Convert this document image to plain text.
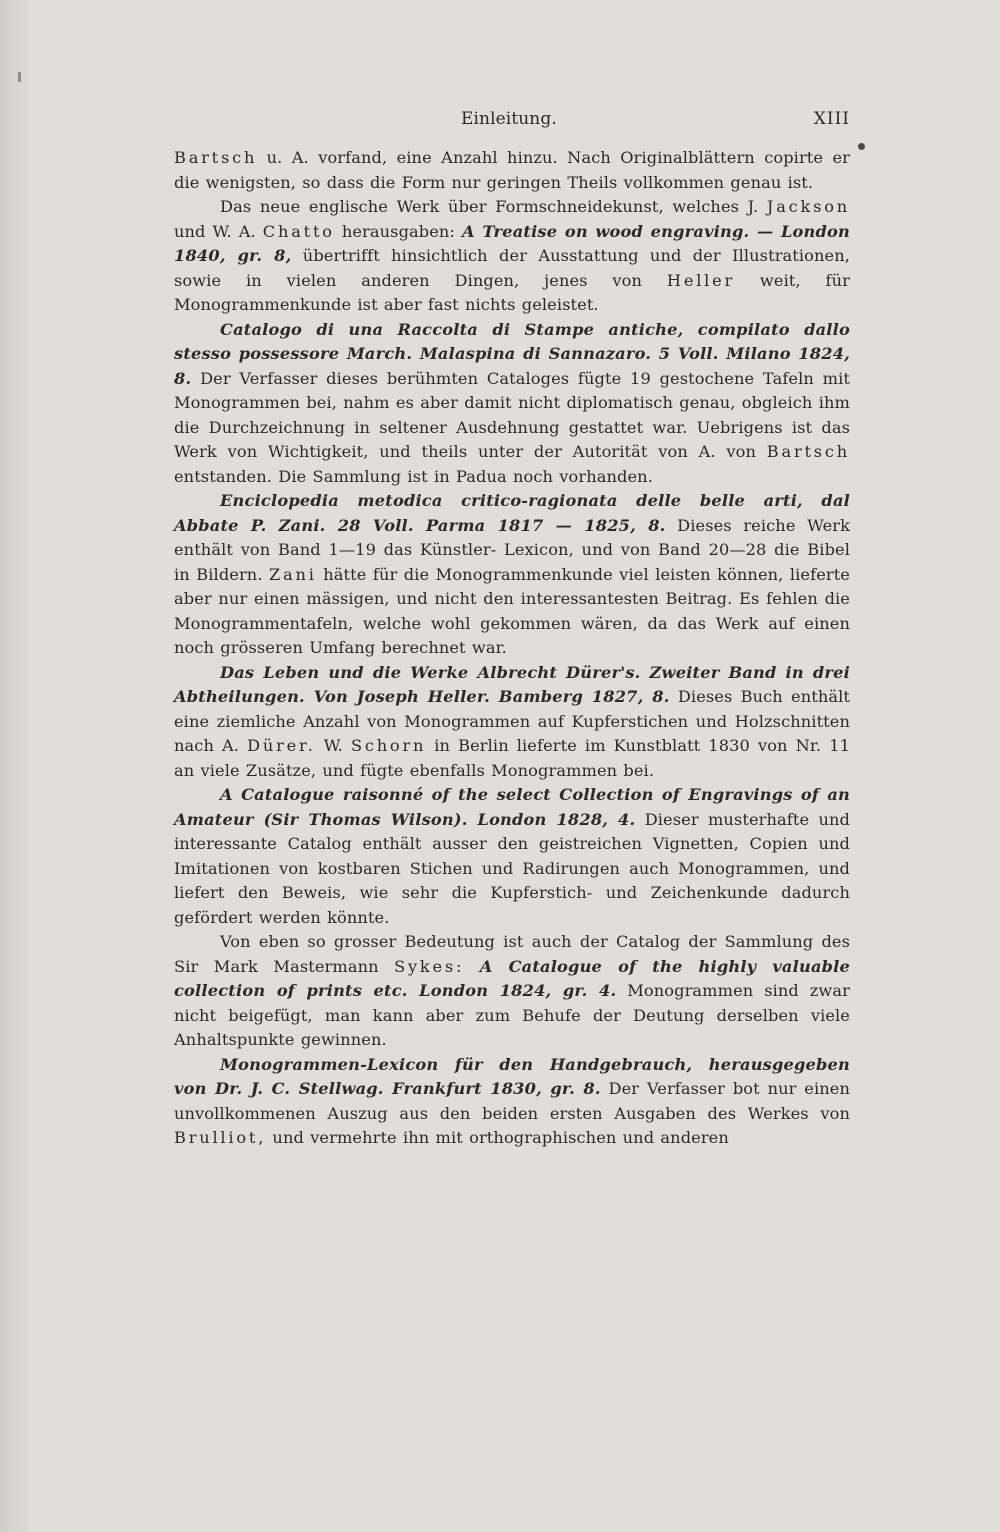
Einleitung.	XIII

Bartsch u. A. vorfand, eine Anzahl hinzu. Nach Originalblättern copirte er die wenigsten, so dass die Form nur geringen Theils vollkommen genau ist.

Das neue englische Werk über Formschneidekunst, welches J. Jackson und W. A. Chatto herausgaben: A Treatise on wood engraving. — London 1840, gr. 8, übertrifft hinsichtlich der Ausstattung und der Illustrationen, sowie in vielen anderen Dingen, jenes von Heller weit, für Monogrammenkunde ist aber fast nichts geleistet.

Catalogo di una Raccolta di Stampe antiche, compilato dallo stesso possessore March. Malaspina di Sannazaro. 5 Voll. Milano 1824, 8. Der Verfasser dieses berühmten Cataloges fügte 19 gestochene Tafeln mit Monogrammen bei, nahm es aber damit nicht diplomatisch genau, obgleich ihm die Durchzeichnung in seltener Ausdehnung gestattet war. Uebrigens ist das Werk von Wichtigkeit, und theils unter der Autorität von A. von Bartsch entstanden. Die Sammlung ist in Padua noch vorhanden.

Enciclopedia metodica critico-ragionata delle belle arti, dal Abbate P. Zani. 28 Voll. Parma 1817 — 1825, 8. Dieses reiche Werk enthält von Band 1—19 das Künstler- Lexicon, und von Band 20—28 die Bibel in Bildern. Zani hätte für die Monogrammenkunde viel leisten können, lieferte aber nur einen mässigen, und nicht den interessantesten Beitrag. Es fehlen die Monogrammentafeln, welche wohl gekommen wären, da das Werk auf einen noch grösseren Umfang berechnet war.

Das Leben und die Werke Albrecht Dürer's. Zweiter Band in drei Abtheilungen. Von Joseph Heller. Bamberg 1827, 8. Dieses Buch enthält eine ziemliche Anzahl von Monogrammen auf Kupferstichen und Holzschnitten nach A. Dürer. W. Schorn in Berlin lieferte im Kunstblatt 1830 von Nr. 11 an viele Zusätze, und fügte ebenfalls Monogrammen bei.

A Catalogue raisonné of the select Collection of Engravings of an Amateur (Sir Thomas Wilson). London 1828, 4. Dieser musterhafte und interessante Catalog enthält ausser den geistreichen Vignetten, Copien und Imitationen von kostbaren Stichen und Radirungen auch Monogrammen, und liefert den Beweis, wie sehr die Kupferstich- und Zeichenkunde dadurch gefördert werden könnte.

Von eben so grosser Bedeutung ist auch der Catalog der Sammlung des Sir Mark Mastermann Sykes: A Catalogue of the highly valuable collection of prints etc. London 1824, gr. 4. Monogrammen sind zwar nicht beigefügt, man kann aber zum Behufe der Deutung derselben viele Anhaltspunkte gewinnen.

Monogrammen-Lexicon für den Handgebrauch, herausgegeben von Dr. J. C. Stellwag. Frankfurt 1830, gr. 8. Der Verfasser bot nur einen unvollkommenen Auszug aus den beiden ersten Ausgaben des Werkes von Brulliot, und vermehrte ihn mit orthographischen und anderen
